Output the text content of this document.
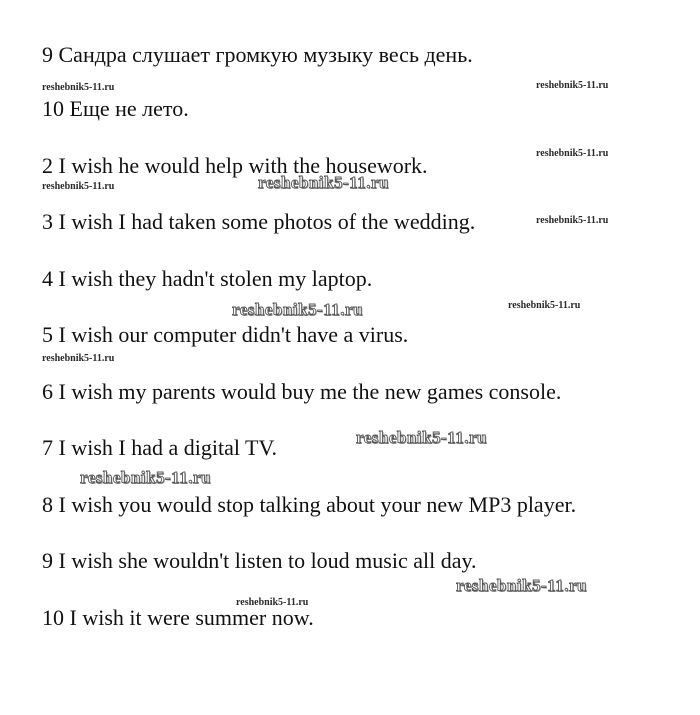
9 Сандра слушает громкую музыку весь день.
10 Еще не лето.
2 I wish he would help with the housework.
3 I wish I had taken some photos of the wedding.
4 I wish they hadn't stolen my laptop.
5 I wish our computer didn't have a virus.
6 I wish my parents would buy me the new games console.
7 I wish I had a digital TV.
8 I wish you would stop talking about your new MP3 player.
9 I wish she wouldn't listen to loud music all day.
10 I wish it were summer now.
reshebnik5-11.ru	reshebnik5-11.ru
reshebnik5-11.ru
reshebnik5-11.ru	reshebnik5-11.ru
reshebnik5-11.ru
reshebnik5-11.ru	reshebnik5-11.ru
reshebnik5-11.ru
reshebnik5-11.ru
reshebnik5-11.ru
reshebnik5-11.ru
reshebnik5-11.ru
